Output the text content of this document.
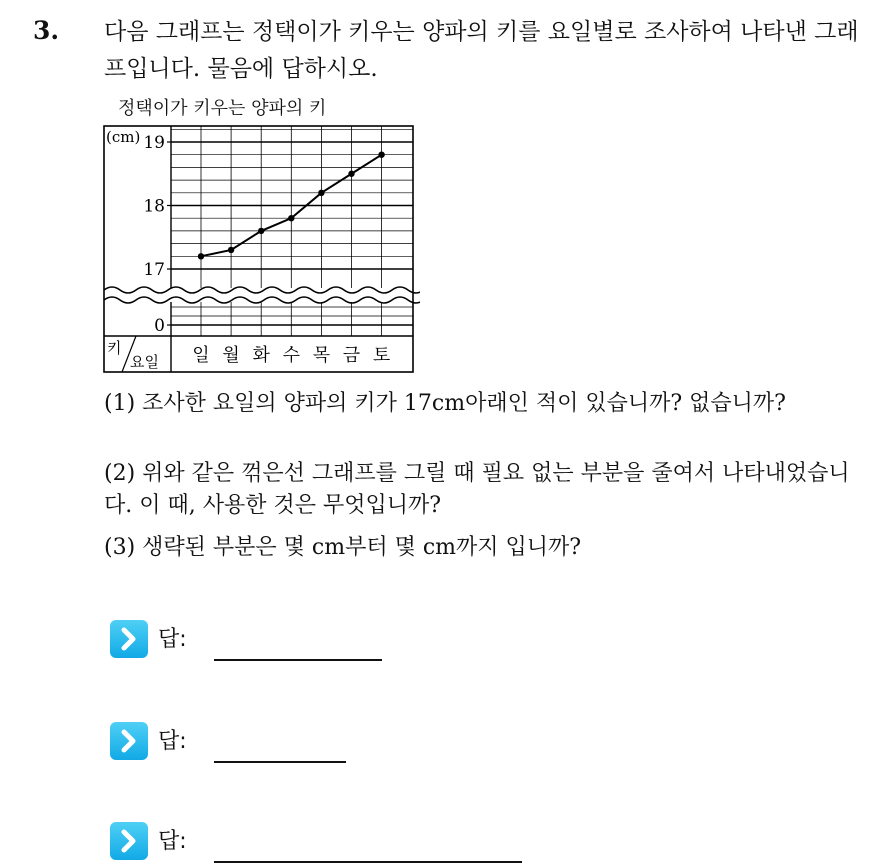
3. 다음 그래프는 정택이가 키우는 양파의 키를 요일별로 조사하여 나타낸 그래프입니다. 물음에 답하시오.

정택이가 키우는 양파의 키
19
18
17
0
(cm)
일 월 화 수 목 금 토
키
요일

(1) 조사한 요일의 양파의 키가 17cm아래인 적이 있습니까? 없습니까?

(2) 위와 같은 꺾은선 그래프를 그릴 때 필요 없는 부분을 줄여서 나타내었습니다. 이 때, 사용한 것은 무엇입니까?

(3) 생략된 부분은 몇 cm부터 몇 cm까지 입니까?

답:
답:
답:
